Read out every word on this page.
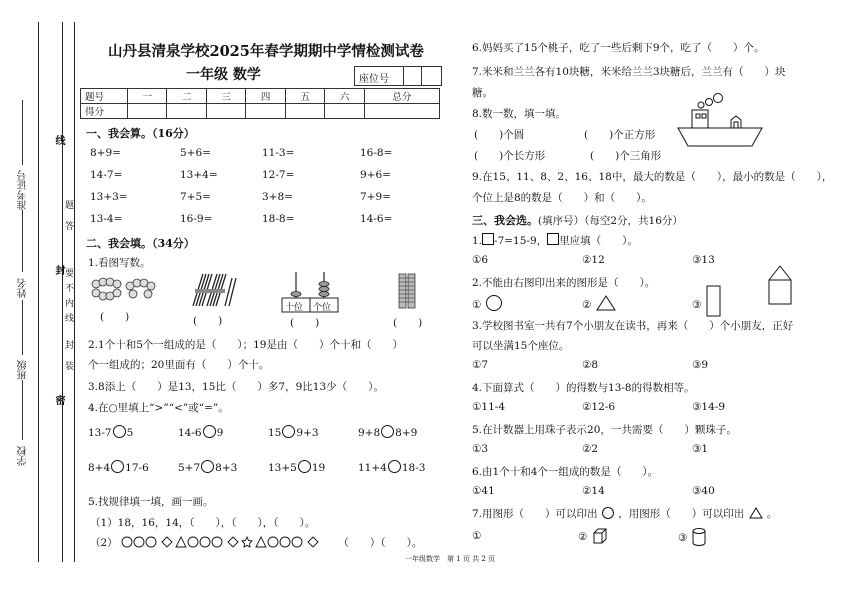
学校
班级
姓名
准考证号
线
封
密
题答
要不内线
封装
山丹县清泉学校2025年春学期期中学情检测试卷
一年级 数学	座位号
题号	一	二	三	四	五	六	总分
得分							
一、我会算。（16分）
8+9=	5+6=	11-3=	16-8=
14-7=	13+4=	12-7=	9+6=
13+3=	7+5=	3+8=	7+9=
13-4=	16-9=	18-8=	14-6=
二、我会填。（34分）
1.看图写数。
(　　)	(　　)
十位 个位
(　　)	(　　)
2.1个十和5个一组成的是（　　）；19是由（　　）个十和（　　）
个一组成的；20里面有（　　）个十。
3.8添上（　　）是13，15比（　　）多7，9比13少（　　）。
4.在○里填上“>”“<”或“=”。
13-7 5	14-6 9	15 9+3	9+8 8+9
8+4 17-6	5+7 8+3	13+5 19	11+4 18-3
5.找规律填一填，画一画。
（1）18，16，14，（　　），（　　），（　　）。
（2）	（　　）（　　）。
6.妈妈买了15个桃子，吃了一些后剩下9个，吃了（　　）个。
7.米米和兰兰各有10块糖，米米给兰兰3块糖后，兰兰有（　　）块
糖。
8.数一数，填一填。
(　　)个圆	(　　)个正方形
(　　)个长方形	(　　)个三角形
9.在15、11、8、2、16、18中，最大的数是（　　），最小的数是（　　），
个位上是8的数是（　　）和（　　）。
三、我会选。(填序号）（每空2分，共16分）
1. -7=15-9， 里应填（　　）。
①6	②12	③13
2.不能由右图印出来的图形是（　　）。
①	②	③
3.学校图书室一共有7个小朋友在读书，再来（　　）个小朋友，正好
可以坐满15个座位。
①7	②8	③9
4.下面算式（　　）的得数与13-8的得数相等。
①11-4	②12-6	③14-9
5.在计数器上用珠子表示20，一共需要（　　）颗珠子。
①3	②2	③1
6.由1个十和4个一组成的数是（　　）。
①41	②14	③40
7.用图形（　　）可以印出 ，用图形（　　）可以印出 。
①	②	③
一年级数学　第 1 页 共 2 页
